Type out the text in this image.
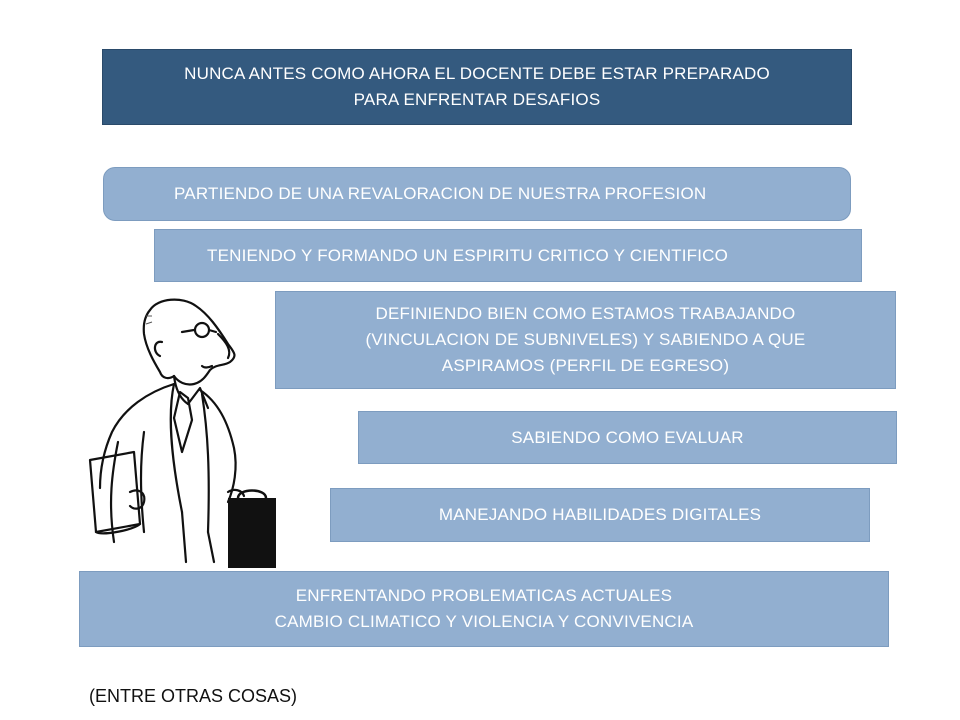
NUNCA ANTES COMO AHORA EL DOCENTE DEBE ESTAR PREPARADO
PARA ENFRENTAR DESAFIOS
PARTIENDO DE UNA REVALORACION DE NUESTRA PROFESION
TENIENDO Y FORMANDO UN ESPIRITU CRITICO Y CIENTIFICO
DEFINIENDO BIEN COMO ESTAMOS TRABAJANDO
(VINCULACION DE SUBNIVELES) Y SABIENDO A QUE
ASPIRAMOS (PERFIL DE EGRESO)
SABIENDO COMO EVALUAR
MANEJANDO HABILIDADES DIGITALES
ENFRENTANDO PROBLEMATICAS ACTUALES
CAMBIO CLIMATICO Y VIOLENCIA Y CONVIVENCIA
(ENTRE OTRAS COSAS)
